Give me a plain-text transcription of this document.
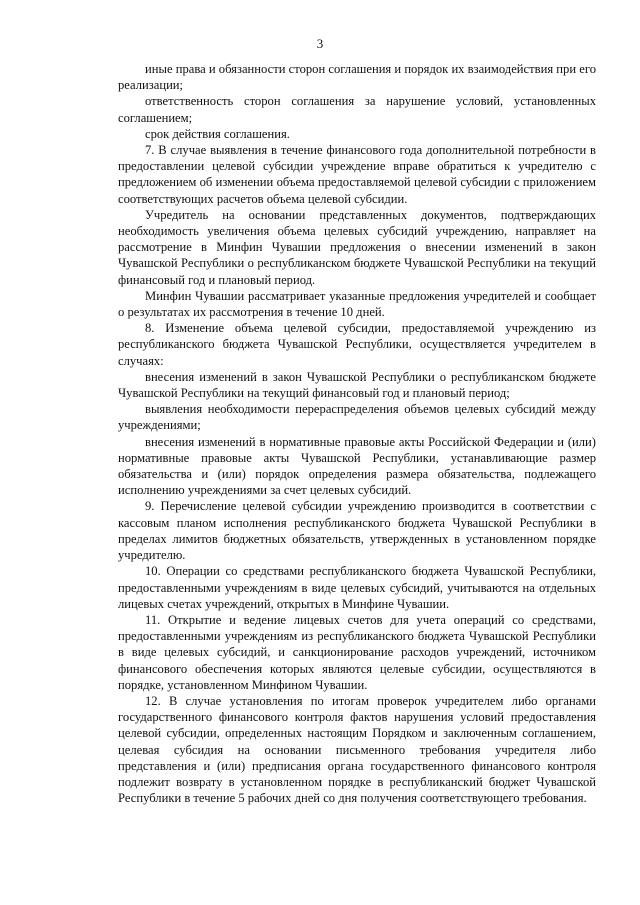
3

иные права и обязанности сторон соглашения и порядок их взаимодействия при его реализации;

ответственность сторон соглашения за нарушение условий, установленных соглашением;

срок действия соглашения.

7. В случае выявления в течение финансового года дополнительной потребности в предоставлении целевой субсидии учреждение вправе обратиться к учредителю с предложением об изменении объема предоставляемой целевой субсидии с приложением соответствующих расчетов объема целевой субсидии.

Учредитель на основании представленных документов, подтверждающих необходимость увеличения объема целевых субсидий учреждению, направляет на рассмотрение в Минфин Чувашии предложения о внесении изменений в закон Чувашской Республики о республиканском бюджете Чувашской Республики на текущий финансовый год и плановый период.

Минфин Чувашии рассматривает указанные предложения учредителей и сообщает о результатах их рассмотрения в течение 10 дней.

8. Изменение объема целевой субсидии, предоставляемой учреждению из республиканского бюджета Чувашской Республики, осуществляется учредителем в случаях:

внесения изменений в закон Чувашской Республики о республиканском бюджете Чувашской Республики на текущий финансовый год и плановый период;

выявления необходимости перераспределения объемов целевых субсидий между учреждениями;

внесения изменений в нормативные правовые акты Российской Федерации и (или) нормативные правовые акты Чувашской Республики, устанавливающие размер обязательства и (или) порядок определения размера обязательства, подлежащего исполнению учреждениями за счет целевых субсидий.

9. Перечисление целевой субсидии учреждению производится в соответствии с кассовым планом исполнения республиканского бюджета Чувашской Республики в пределах лимитов бюджетных обязательств, утвержденных в установленном порядке учредителю.

10. Операции со средствами республиканского бюджета Чувашской Республики, предоставленными учреждениям в виде целевых субсидий, учитываются на отдельных лицевых счетах учреждений, открытых в Минфине Чувашии.

11. Открытие и ведение лицевых счетов для учета операций со средствами, предоставленными учреждениям из республиканского бюджета Чувашской Республики в виде целевых субсидий, и санкционирование расходов учреждений, источником финансового обеспечения которых являются целевые субсидии, осуществляются в порядке, установленном Минфином Чувашии.

12. В случае установления по итогам проверок учредителем либо органами государственного финансового контроля фактов нарушения условий предоставления целевой субсидии, определенных настоящим Порядком и заключенным соглашением, целевая субсидия на основании письменного требования учредителя либо представления и (или) предписания органа государственного финансового контроля подлежит возврату в установленном порядке в республиканский бюджет Чувашской Республики в течение 5 рабочих дней со дня получения соответствующего требования.
